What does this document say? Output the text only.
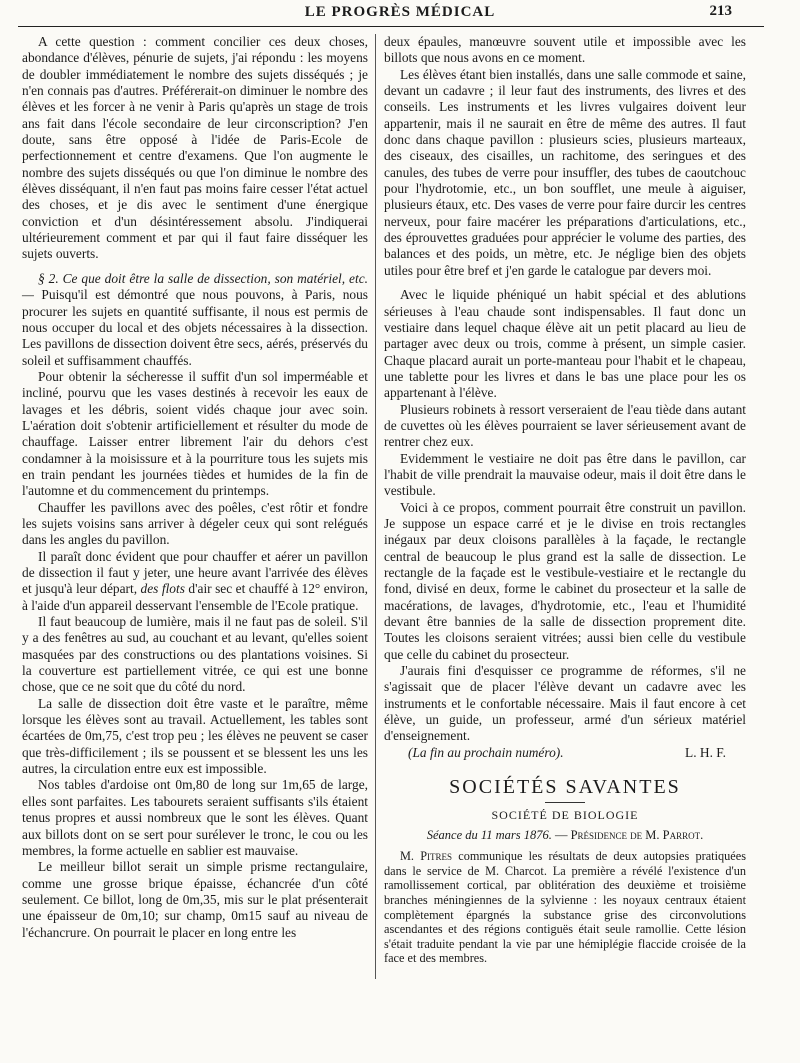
LE PROGRÈS MÉDICAL	213

A cette question : comment concilier ces deux choses, abondance d'élèves, pénurie de sujets, j'ai répondu : les moyens de doubler immédiatement le nombre des sujets disséqués ; je n'en connais pas d'autres. Préférerait-on diminuer le nombre des élèves et les forcer à ne venir à Paris qu'après un stage de trois ans fait dans l'école secondaire de leur circonscription? J'en doute, sans être opposé à l'idée de Paris-Ecole de perfectionnement et centre d'examens. Que l'on augmente le nombre des sujets disséqués ou que l'on diminue le nombre des élèves disséquant, il n'en faut pas moins faire cesser l'état actuel des choses, et je dis avec le sentiment d'une énergique conviction et d'un désintéressement absolu. J'indiquerai ultérieurement comment et par qui il faut faire disséquer les sujets ouverts.

§ 2. Ce que doit être la salle de dissection, son matériel, etc. — Puisqu'il est démontré que nous pouvons, à Paris, nous procurer les sujets en quantité suffisante, il nous est permis de nous occuper du local et des objets nécessaires à la dissection. Les pavillons de dissection doivent être secs, aérés, préservés du soleil et suffisamment chauffés.

Pour obtenir la sécheresse il suffit d'un sol imperméable et incliné, pourvu que les vases destinés à recevoir les eaux de lavages et les débris, soient vidés chaque jour avec soin. L'aération doit s'obtenir artificiellement et résulter du mode de chauffage. Laisser entrer librement l'air du dehors c'est condamner à la moisissure et à la pourriture tous les sujets mis en train pendant les journées tièdes et humides de la fin de l'automne et du commencement du printemps.

Chauffer les pavillons avec des poêles, c'est rôtir et fondre les sujets voisins sans arriver à dégeler ceux qui sont relégués dans les angles du pavillon.

Il paraît donc évident que pour chauffer et aérer un pavillon de dissection il faut y jeter, une heure avant l'arrivée des élèves et jusqu'à leur départ, des flots d'air sec et chauffé à 12° environ, à l'aide d'un appareil desservant l'ensemble de l'Ecole pratique.

Il faut beaucoup de lumière, mais il ne faut pas de soleil. S'il y a des fenêtres au sud, au couchant et au levant, qu'elles soient masquées par des constructions ou des plantations voisines. Si la couverture est partiellement vitrée, ce qui est une bonne chose, que ce ne soit que du côté du nord.

La salle de dissection doit être vaste et le paraître, même lorsque les élèves sont au travail. Actuellement, les tables sont écartées de 0m,75, c'est trop peu ; les élèves ne peuvent se caser que très-difficilement ; ils se poussent et se blessent les uns les autres, la circulation entre eux est impossible.

Nos tables d'ardoise ont 0m,80 de long sur 1m,65 de large, elles sont parfaites. Les tabourets seraient suffisants s'ils étaient tenus propres et aussi nombreux que le sont les élèves. Quant aux billots dont on se sert pour surélever le tronc, le cou ou les membres, la forme actuelle en sablier est mauvaise.

Le meilleur billot serait un simple prisme rectangulaire, comme une grosse brique épaisse, échancrée d'un côté seulement. Ce billot, long de 0m,35, mis sur le plat présenterait une épaisseur de 0m,10; sur champ, 0m15 sauf au niveau de l'échancrure. On pourrait le placer en long entre les

deux épaules, manœuvre souvent utile et impossible avec les billots que nous avons en ce moment.

Les élèves étant bien installés, dans une salle commode et saine, devant un cadavre ; il leur faut des instruments, des livres et des conseils. Les instruments et les livres vulgaires doivent leur appartenir, mais il ne saurait en être de même des autres. Il faut donc dans chaque pavillon : plusieurs scies, plusieurs marteaux, des ciseaux, des cisailles, un rachitome, des seringues et des canules, des tubes de verre pour insuffler, des tubes de caoutchouc pour l'hydrotomie, etc., un bon soufflet, une meule à aiguiser, plusieurs étaux, etc. Des vases de verre pour faire durcir les centres nerveux, pour faire macérer les préparations d'articulations, etc., des éprouvettes graduées pour apprécier le volume des parties, des balances et des poids, un mètre, etc. Je néglige bien des objets utiles pour être bref et j'en garde le catalogue par devers moi.

Avec le liquide phéniqué un habit spécial et des ablutions sérieuses à l'eau chaude sont indispensables. Il faut donc un vestiaire dans lequel chaque élève ait un petit placard au lieu de partager avec deux ou trois, comme à présent, un simple casier. Chaque placard aurait un porte-manteau pour l'habit et le chapeau, une tablette pour les livres et dans le bas une place pour les os appartenant à l'élève.

Plusieurs robinets à ressort verseraient de l'eau tiède dans autant de cuvettes où les élèves pourraient se laver sérieusement avant de rentrer chez eux.

Evidemment le vestiaire ne doit pas être dans le pavillon, car l'habit de ville prendrait la mauvaise odeur, mais il doit être dans le vestibule.

Voici à ce propos, comment pourrait être construit un pavillon. Je suppose un espace carré et je le divise en trois rectangles inégaux par deux cloisons parallèles à la façade, le rectangle central de beaucoup le plus grand est la salle de dissection. Le rectangle de la façade est le vestibule-vestiaire et le rectangle du fond, divisé en deux, forme le cabinet du prosecteur et la salle de macérations, de lavages, d'hydrotomie, etc., l'eau et l'humidité devant être bannies de la salle de dissection proprement dite. Toutes les cloisons seraient vitrées; aussi bien celle du vestibule que celle du cabinet du prosecteur.

J'aurais fini d'esquisser ce programme de réformes, s'il ne s'agissait que de placer l'élève devant un cadavre avec les instruments et le confortable nécessaire. Mais il faut encore à cet élève, un guide, un professeur, armé d'un sérieux matériel d'enseignement.

(La fin au prochain numéro).	L. H. F.
SOCIÉTÉS SAVANTES
SOCIÉTÉ DE BIOLOGIE
Séance du 11 mars 1876. — Présidence de M. Parrot.

M. Pitres communique les résultats de deux autopsies pratiquées dans le service de M. Charcot. La première a révélé l'existence d'un ramollissement cortical, par oblitération des deuxième et troisième branches méningiennes de la sylvienne : les noyaux centraux étaient complètement épargnés la substance grise des circonvolutions ascendantes et des régions contiguës était seule ramollie. Cette lésion s'était traduite pendant la vie par une hémiplégie flaccide croisée de la face et des membres.
